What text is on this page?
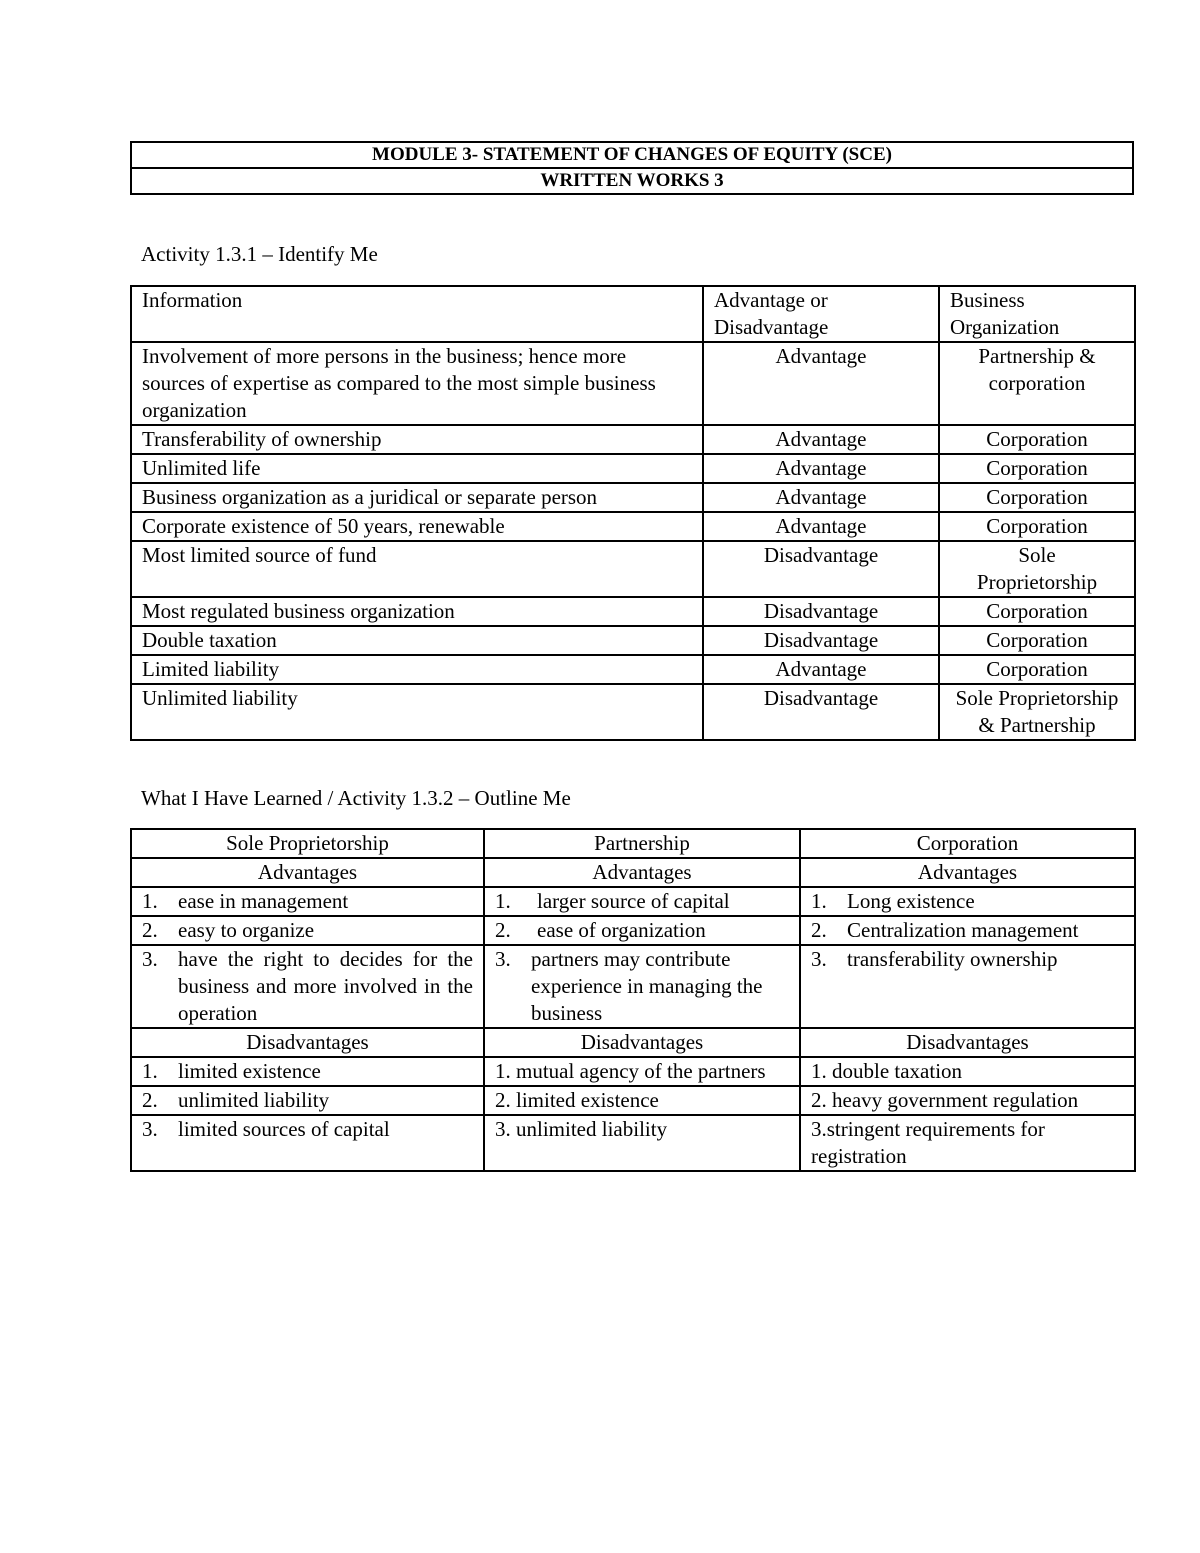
MODULE 3- STATEMENT OF CHANGES OF EQUITY (SCE)
WRITTEN WORKS 3

Activity 1.3.1 – Identify Me

Information	Advantage or Disadvantage	Business Organization
Involvement of more persons in the business; hence more sources of expertise as compared to the most simple business organization	Advantage	Partnership & corporation
Transferability of ownership	Advantage	Corporation
Unlimited life	Advantage	Corporation
Business organization as a juridical or separate person	Advantage	Corporation
Corporate existence of 50 years, renewable	Advantage	Corporation
Most limited source of fund	Disadvantage	Sole Proprietorship
Most regulated business organization	Disadvantage	Corporation
Double taxation	Disadvantage	Corporation
Limited liability	Advantage	Corporation
Unlimited liability	Disadvantage	Sole Proprietorship & Partnership

What I Have Learned / Activity 1.3.2 – Outline Me

Sole Proprietorship	Partnership	Corporation
Advantages	Advantages	Advantages

1. ease in management	1. larger source of capital	1. Long existence

2. easy to organize	2. ease of organization	2. Centralization management

3. have the right to decides for the business and more involved in the operation	3. partners may contribute experience in managing the business	3. transferability ownership

Disadvantages	Disadvantages	Disadvantages

1. limited existence	1. mutual agency of the partners	1. double taxation

2. unlimited liability	2. limited existence	2. heavy government regulation

3. limited sources of capital	3. unlimited liability	3.stringent requirements for registration
